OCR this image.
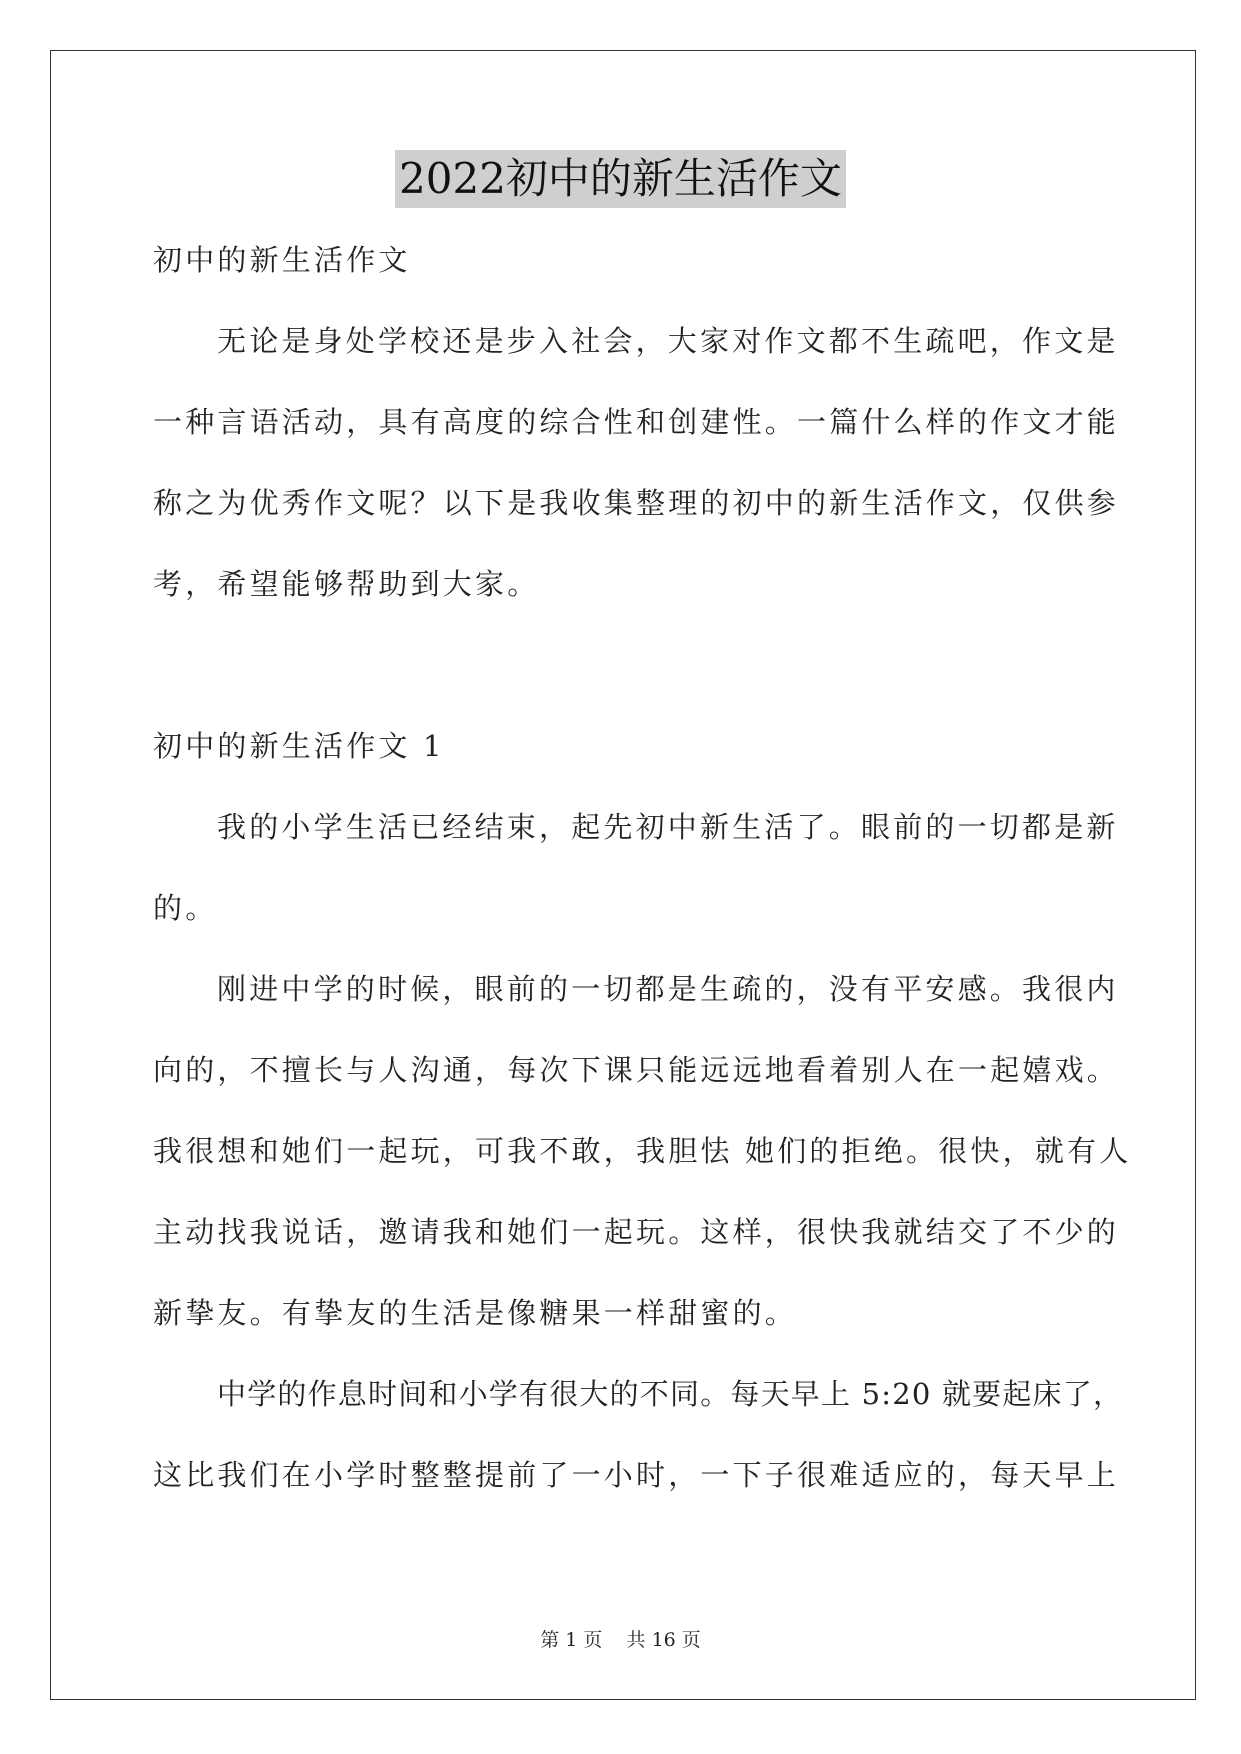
2022初中的新生活作文
初中的新生活作文
无论是身处学校还是步入社会，大家对作文都不生疏吧，作文是
一种言语活动，具有高度的综合性和创建性。一篇什么样的作文才能
称之为优秀作文呢？以下是我收集整理的初中的新生活作文，仅供参
考，希望能够帮助到大家。
初中的新生活作文 1
我的小学生活已经结束，起先初中新生活了。眼前的一切都是新
的。
刚进中学的时候，眼前的一切都是生疏的，没有平安感。我很内
向的，不擅长与人沟通，每次下课只能远远地看着别人在一起嬉戏。
我很想和她们一起玩，可我不敢，我胆怯 她们的拒绝。很快，就有人
主动找我说话，邀请我和她们一起玩。这样，很快我就结交了不少的
新挚友。有挚友的生活是像糖果一样甜蜜的。
中学的作息时间和小学有很大的不同。每天早上 5:20 就要起床了，
这比我们在小学时整整提前了一小时，一下子很难适应的，每天早上
第 1 页 共 16 页
